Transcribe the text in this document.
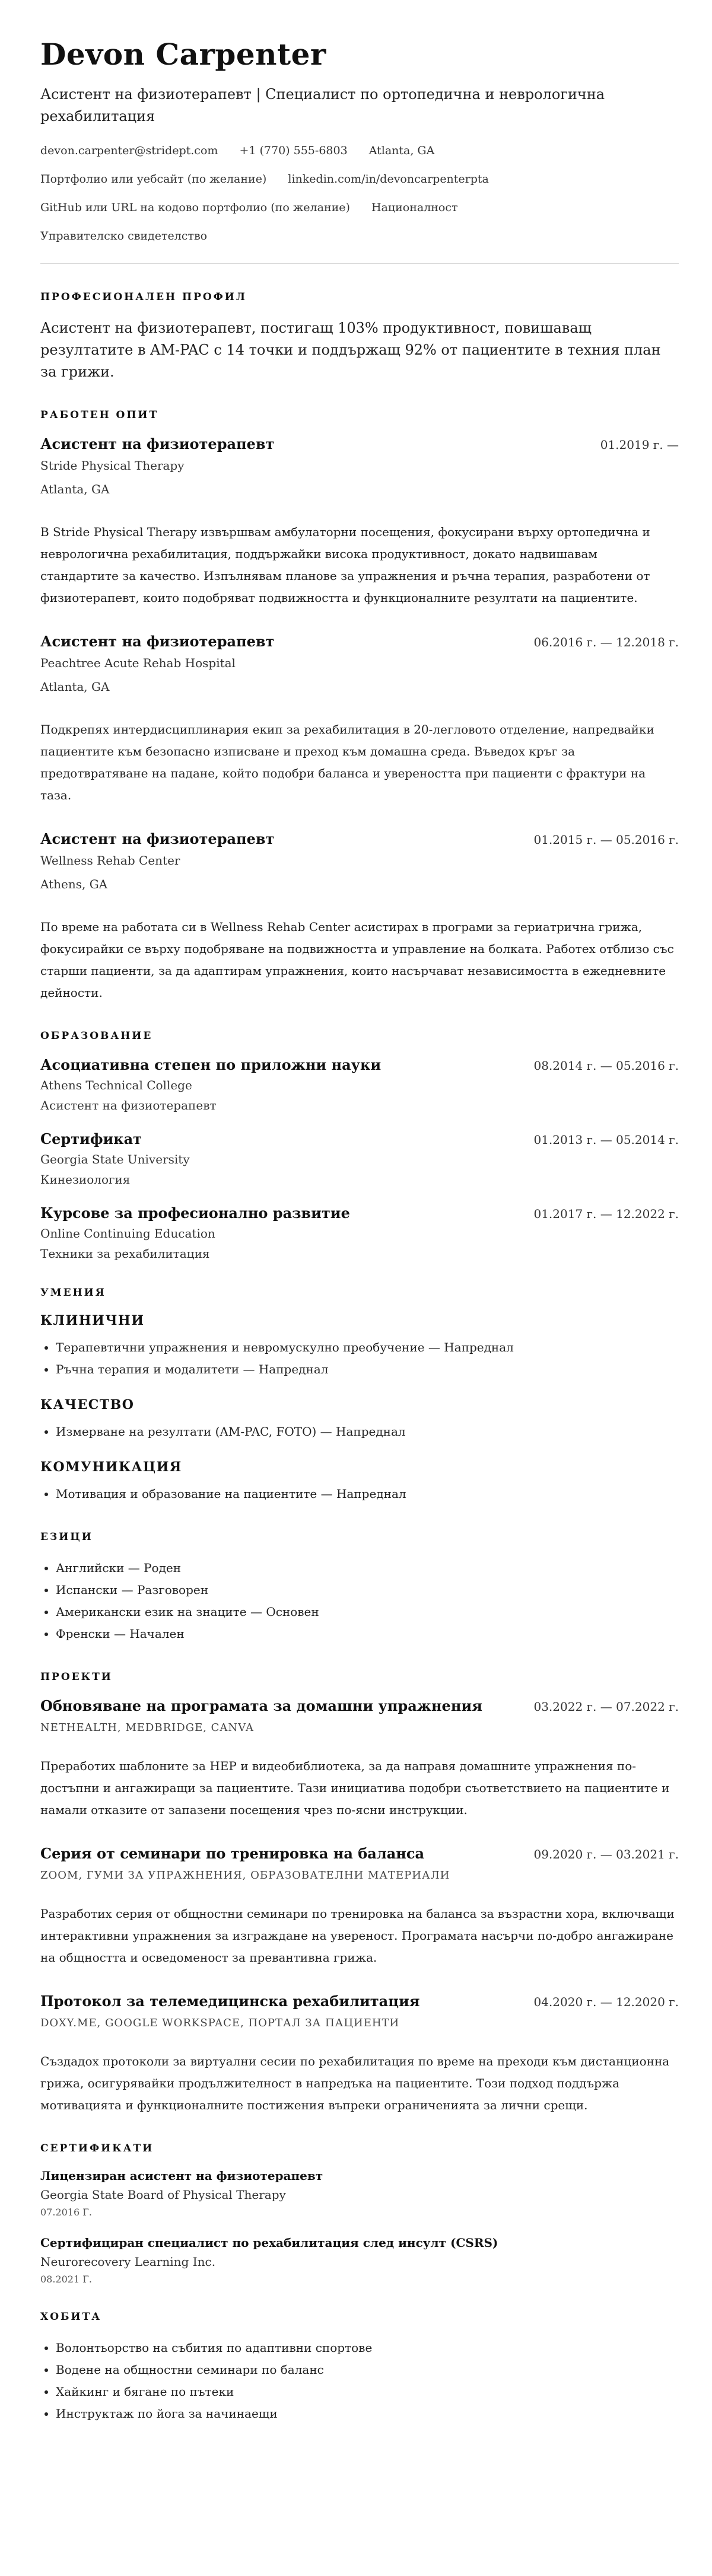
Devon Carpenter

Асистент на физиотерапевт | Специалист по ортопедична и неврологична рехабилитация

devon.carpenter@stridept.com +1 (770) 555-6803 Atlanta, GA
Портфолио или уебсайт (по желание) linkedin.com/in/devoncarpenterpta
GitHub или URL на кодово портфолио (по желание) Националност
Управителско свидетелство
ПРОФЕСИОНАЛЕН ПРОФИЛ

Асистент на физиотерапевт, постигащ 103% продуктивност, повишаващ резултатите в AM-PAC с 14 точки и поддържащ 92% от пациентите в техния план за грижи.

РАБОТЕН ОПИТ
Асистент на физиотерапевт	01.2019 г. —
Stride Physical Therapy
Atlanta, GA
В Stride Physical Therapy извършвам амбулаторни посещения, фокусирани върху ортопедична и неврологична рехабилитация, поддържайки висока продуктивност, докато надвишавам стандартите за качество. Изпълнявам планове за упражнения и ръчна терапия, разработени от физиотерапевт, които подобряват подвижността и функционалните резултати на пациентите.
Асистент на физиотерапевт	06.2016 г. — 12.2018 г.
Peachtree Acute Rehab Hospital
Atlanta, GA
Подкрепях интердисциплинария екип за рехабилитация в 20-легловото отделение, напредвайки пациентите към безопасно изписване и преход към домашна среда. Въведох кръг за предотвратяване на падане, който подобри баланса и увереността при пациенти с фрактури на таза.
Асистент на физиотерапевт	01.2015 г. — 05.2016 г.
Wellness Rehab Center
Athens, GA
По време на работата си в Wellness Rehab Center асистирах в програми за гериатрична грижа, фокусирайки се върху подобряване на подвижността и управление на болката. Работех отблизо със старши пациенти, за да адаптирам упражнения, които насърчават независимостта в ежедневните дейности.
ОБРАЗОВАНИЕ
Асоциативна степен по приложни науки	08.2014 г. — 05.2016 г.
Athens Technical College
Асистент на физиотерапевт
Сертификат	01.2013 г. — 05.2014 г.
Georgia State University
Кинезиология
Курсове за професионално развитие	01.2017 г. — 12.2022 г.
Online Continuing Education
Техники за рехабилитация
УМЕНИЯ
КЛИНИЧНИ
• Терапевтични упражнения и невромускулно преобучение — Напреднал
• Ръчна терапия и модалитети — Напреднал
КАЧЕСТВО
• Измерване на резултати (AM-PAC, FOTO) — Напреднал
КОМУНИКАЦИЯ
• Мотивация и образование на пациентите — Напреднал
ЕЗИЦИ
• Английски — Роден
• Испански — Разговорен
• Американски език на знаците — Основен
• Френски — Начален
ПРОЕКТИ
Обновяване на програмата за домашни упражнения	03.2022 г. — 07.2022 г.
NETHEALTH, MEDBRIDGE, CANVA
Преработих шаблоните за HEP и видеобиблиотека, за да направя домашните упражнения по-достъпни и ангажиращи за пациентите. Тази инициатива подобри съответствието на пациентите и намали отказите от запазени посещения чрез по-ясни инструкции.
Серия от семинари по тренировка на баланса	09.2020 г. — 03.2021 г.
ZOOM, ГУМИ ЗА УПРАЖНЕНИЯ, ОБРАЗОВАТЕЛНИ МАТЕРИАЛИ
Разработих серия от общностни семинари по тренировка на баланса за възрастни хора, включващи интерактивни упражнения за изграждане на увереност. Програмата насърчи по-добро ангажиране на общността и осведоменост за превантивна грижа.
Протокол за телемедицинска рехабилитация	04.2020 г. — 12.2020 г.
DOXY.ME, GOOGLE WORKSPACE, ПОРТАЛ ЗА ПАЦИЕНТИ
Създадох протоколи за виртуални сесии по рехабилитация по време на преходи към дистанционна грижа, осигурявайки продължителност в напредъка на пациентите. Този подход поддържа мотивацията и функционалните постижения въпреки ограниченията за лични срещи.
СЕРТИФИКАТИ
Лицензиран асистент на физиотерапевт
Georgia State Board of Physical Therapy
07.2016 Г.
Сертифициран специалист по рехабилитация след инсулт (CSRS)
Neurorecovery Learning Inc.
08.2021 Г.
ХОБИТА
• Волонтьорство на събития по адаптивни спортове
• Водене на общностни семинари по баланс
• Хайкинг и бягане по пътеки
• Инструктаж по йога за начинаещи
